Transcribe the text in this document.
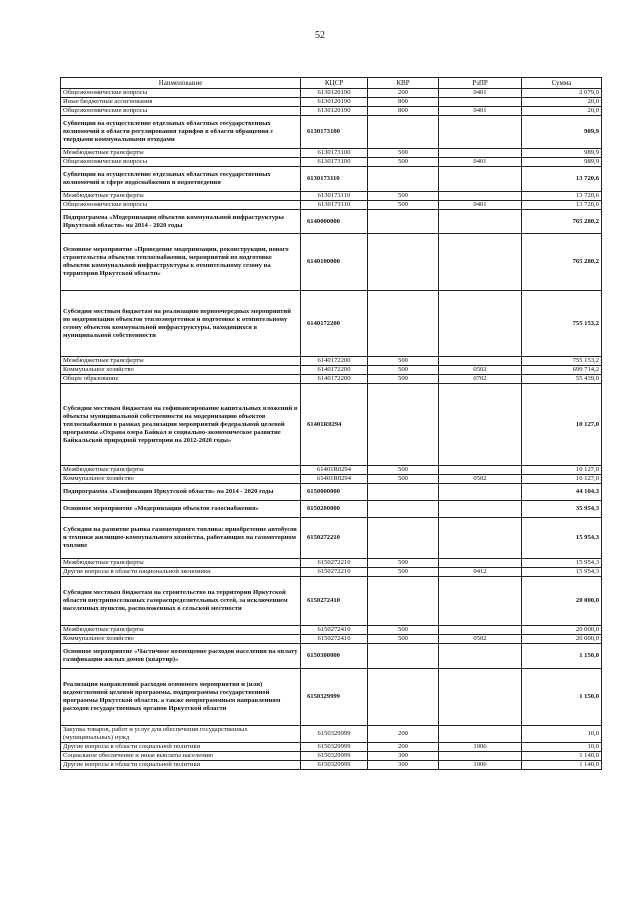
52
Наименование	КЦСР	КВР	РзПР	Сумма
Общеэкономические вопросы	6130120190	200	0401	2 079,9
Иные бюджетные ассигнования	6130120190	800		20,0
Общеэкономические вопросы	6130120190	800	0401	20,0
Субвенции на осуществление отдельных областных государственных полномочий в области регулирования тарифов в области обращения с твердыми коммунальными отходами	6130173100			989,9
Межбюджетные трансферты	6130173100	500		989,9
Общеэкономические вопросы	6130173100	500	0401	989,9
Субвенции на осуществление отдельных областных государственных полномочий в сфере водоснабжения и водоотведения	6130173110			13 720,6
Межбюджетные трансферты	6130173110	500		13 720,6
Общеэкономические вопросы	6130173110	500	0401	13 720,6
Подпрограмма «Модернизация объектов коммунальной инфраструктуры Иркутской области» на 2014 - 2020 годы	6140000000			765 280,2
Основное мероприятие «Проведение модернизации, реконструкции, нового строительства объектов теплоснабжения, мероприятий по подготовке объектов коммунальной инфраструктуры к отопительному сезону на территории Иркутской области»	6140100000			765 280,2
Субсидии местным бюджетам на реализацию первоочередных мероприятий по модернизации объектов теплоэнергетики и подготовке к отопительному сезону объектов коммунальной инфраструктуры, находящихся в муниципальной собственности	6140172200			755 153,2
Межбюджетные трансферты	6140172200	500		755 153,2
Коммунальное хозяйство	6140172200	500	0502	699 714,2
Общее образование	6140172200	500	0702	55 439,0
Субсидии местным бюджетам на софинансирование капитальных вложений в объекты муниципальной собственности на модернизацию объектов теплоснабжения в рамках реализации мероприятий федеральной целевой программы «Охрана озера Байкал и социально-экономическое развитие Байкальской природной территории на 2012-2020 годы»	61401R0294			10 127,0
Межбюджетные трансферты	61401R0294	500		10 127,0
Коммунальное хозяйство	61401R0294	500	0502	10 127,0
Подпрограмма «Газификация Иркутской области» на 2014 - 2020 годы	6150000000			44 104,3
Основное мероприятие «Модернизация объектов газоснабжения»	6150200000			35 954,3
Субсидии на развитие рынка газомоторного топлива: приобретение автобусов и техники жилищно-коммунального хозяйства, работающих на газомоторном топливе	6150272210			15 954,3
Межбюджетные трансферты	6150272210	500		15 954,3
Другие вопросы в области национальной экономики	6150272210	500	0412	15 954,3
Субсидии местным бюджетам на строительство на территории Иркутской области внутрипоселковых газораспределительных сетей, за исключением населенных пунктов, расположенных в сельской местности	6150272410			20 000,0
Межбюджетные трансферты	6150272410	500		20 000,0
Коммунальное хозяйство	6150272410	500	0502	20 000,0
Основное мероприятие «Частичное возмещение расходов населения на оплату газификации жилых домов (квартир)»	6150300000			1 150,0
Реализация направлений расходов основного мероприятия и (или) ведомственной целевой программы, подпрограммы государственной программы Иркутской области, а также непрограммным направлениям расходов государственных органов Иркутской области	6150329999			1 150,0
Закупка товаров, работ и услуг для обеспечения государственных (муниципальных) нужд	6150329999	200		10,0
Другие вопросы в области социальной политики	6150329999	200	1006	10,0
Социальное обеспечение и иные выплаты населению	6150329999	300		1 140,0
Другие вопросы в области социальной политики	6150329999	300	1006	1 140,0
